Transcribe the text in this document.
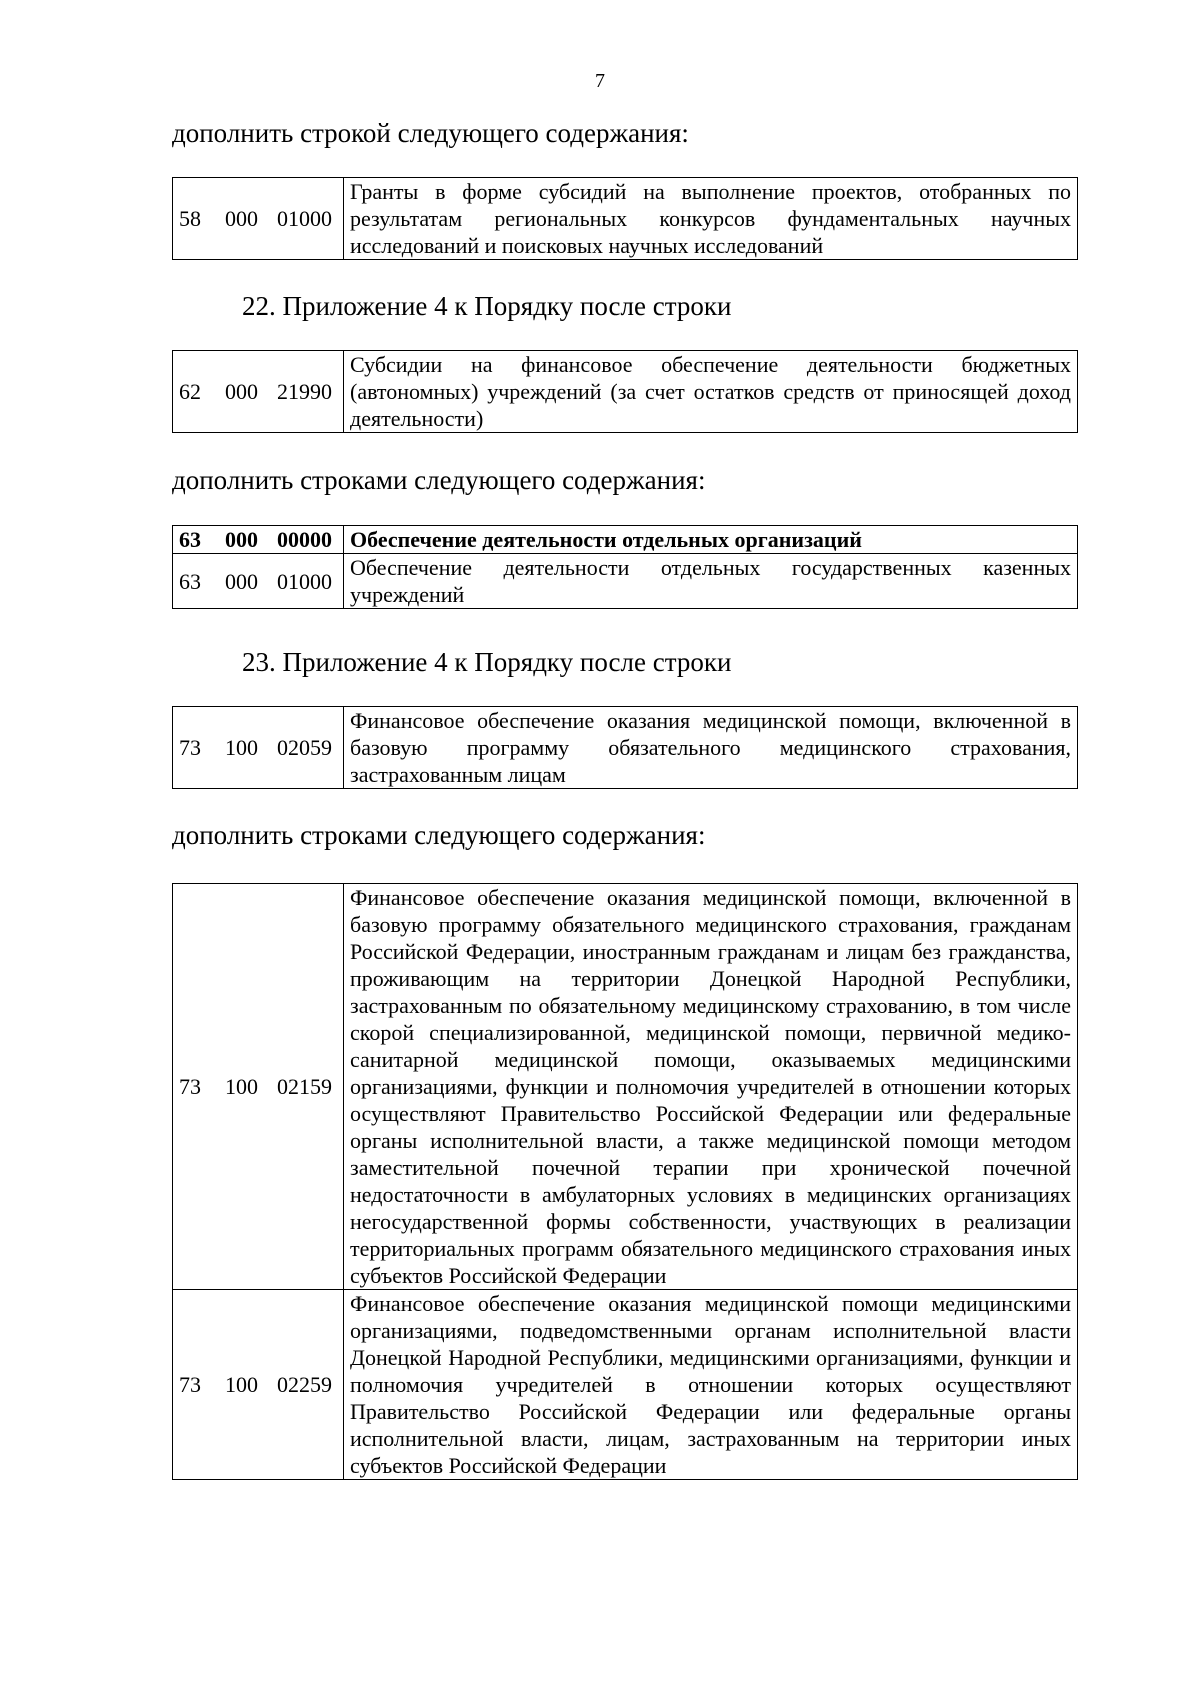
7
дополнить строкой следующего содержания:
58 000 01000	Гранты в форме субсидий на выполнение проектов, отобранных по результатам региональных конкурсов фундаментальных научных исследований и поисковых научных исследований
22. Приложение 4 к Порядку после строки
62 000 21990	Субсидии на финансовое обеспечение деятельности бюджетных (автономных) учреждений (за счет остатков средств от приносящей доход деятельности)
дополнить строками следующего содержания:
63 000 00000	Обеспечение деятельности отдельных организаций
63 000 01000	Обеспечение деятельности отдельных государственных казенных учреждений
23. Приложение 4 к Порядку после строки
73 100 02059	Финансовое обеспечение оказания медицинской помощи, включенной в базовую программу обязательного медицинского страхования, застрахованным лицам
дополнить строками следующего содержания:
73 100 02159	Финансовое обеспечение оказания медицинской помощи, включенной в базовую программу обязательного медицинского страхования, гражданам Российской Федерации, иностранным гражданам и лицам без гражданства, проживающим на территории Донецкой Народной Республики, застрахованным по обязательному медицинскому страхованию, в том числе скорой специализированной, медицинской помощи, первичной медико-санитарной медицинской помощи, оказываемых медицинскими организациями, функции и полномочия учредителей в отношении которых осуществляют Правительство Российской Федерации или федеральные органы исполнительной власти, а также медицинской помощи методом заместительной почечной терапии при хронической почечной недостаточности в амбулаторных условиях в медицинских организациях негосударственной формы собственности, участвующих в реализации территориальных программ обязательного медицинского страхования иных субъектов Российской Федерации
73 100 02259	Финансовое обеспечение оказания медицинской помощи медицинскими организациями, подведомственными органам исполнительной власти Донецкой Народной Республики, медицинскими организациями, функции и полномочия учредителей в отношении которых осуществляют Правительство Российской Федерации или федеральные органы исполнительной власти, лицам, застрахованным на территории иных субъектов Российской Федерации
